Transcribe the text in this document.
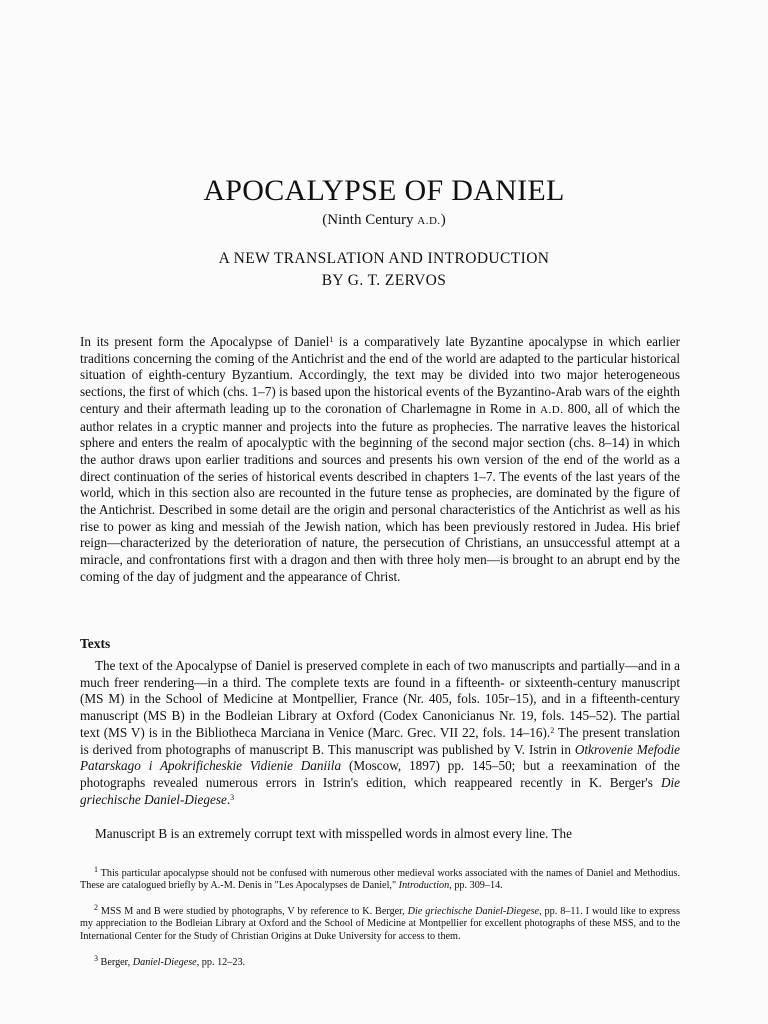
APOCALYPSE OF DANIEL

(Ninth Century A.D.)

A NEW TRANSLATION AND INTRODUCTION
BY G. T. ZERVOS

In its present form the Apocalypse of Daniel$^1$ is a comparatively late Byzantine apocalypse in which earlier traditions concerning the coming of the Antichrist and the end of the world are adapted to the particular historical situation of eighth-century Byzantium. Accordingly, the text may be divided into two major heterogeneous sections, the first of which (chs. 1–7) is based upon the historical events of the Byzantino-Arab wars of the eighth century and their aftermath leading up to the coronation of Charlemagne in Rome in A.D. 800, all of which the author relates in a cryptic manner and projects into the future as prophecies. The narrative leaves the historical sphere and enters the realm of apocalyptic with the beginning of the second major section (chs. 8–14) in which the author draws upon earlier traditions and sources and presents his own version of the end of the world as a direct continuation of the series of historical events described in chapters 1–7. The events of the last years of the world, which in this section also are recounted in the future tense as prophecies, are dominated by the figure of the Antichrist. Described in some detail are the origin and personal characteristics of the Antichrist as well as his rise to power as king and messiah of the Jewish nation, which has been previously restored in Judea. His brief reign—characterized by the deterioration of nature, the persecution of Christians, an unsuccessful attempt at a miracle, and confrontations first with a dragon and then with three holy men—is brought to an abrupt end by the coming of the day of judgment and the appearance of Christ.

Texts

The text of the Apocalypse of Daniel is preserved complete in each of two manuscripts and partially—and in a much freer rendering—in a third. The complete texts are found in a fifteenth- or sixteenth-century manuscript (MS M) in the School of Medicine at Montpellier, France (Nr. 405, fols. 105r–15), and in a fifteenth-century manuscript (MS B) in the Bodleian Library at Oxford (Codex Canonicianus Nr. 19, fols. 145–52). The partial text (MS V) is in the Bibliotheca Marciana in Venice (Marc. Grec. VII 22, fols. 14–16).$^2$ The present translation is derived from photographs of manuscript B. This manuscript was published by V. Istrin in Otkrovenie Mefodie Patarskago i Apokrificheskie Vidienie Daniila (Moscow, 1897) pp. 145–50; but a reexamination of the photographs revealed numerous errors in Istrin's edition, which reappeared recently in K. Berger's Die griechische Daniel-Diegese.$^3$

Manuscript B is an extremely corrupt text with misspelled words in almost every line. The

$^1$ This particular apocalypse should not be confused with numerous other medieval works associated with the names of Daniel and Methodius. These are catalogued briefly by A.-M. Denis in "Les Apocalypses de Daniel," Introduction, pp. 309–14.

$^2$ MSS M and B were studied by photographs, V by reference to K. Berger, Die griechische Daniel-Diegese, pp. 8–11. I would like to express my appreciation to the Bodleian Library at Oxford and the School of Medicine at Montpellier for excellent photographs of these MSS, and to the International Center for the Study of Christian Origins at Duke University for access to them.

$^3$ Berger, Daniel-Diegese, pp. 12–23.
